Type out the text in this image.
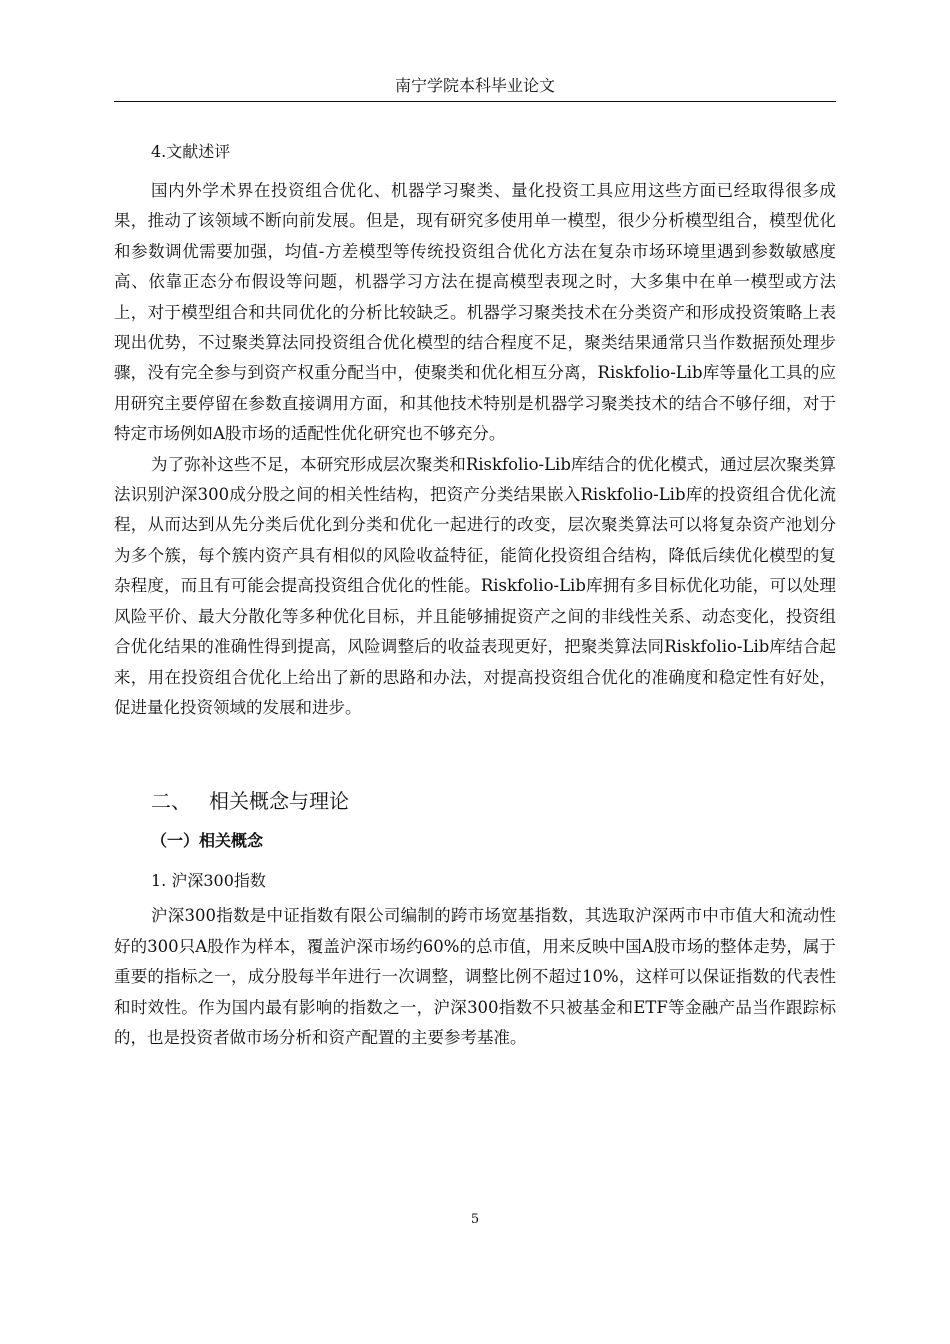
南宁学院本科毕业论文

4.文献述评

国内外学术界在投资组合优化、机器学习聚类、量化投资工具应用这些方面已经取得很多成果，推动了该领域不断向前发展。但是，现有研究多使用单一模型，很少分析模型组合，模型优化和参数调优需要加强，均值-方差模型等传统投资组合优化方法在复杂市场环境里遇到参数敏感度高、依靠正态分布假设等问题，机器学习方法在提高模型表现之时，大多集中在单一模型或方法上，对于模型组合和共同优化的分析比较缺乏。机器学习聚类技术在分类资产和形成投资策略上表现出优势，不过聚类算法同投资组合优化模型的结合程度不足，聚类结果通常只当作数据预处理步骤，没有完全参与到资产权重分配当中，使聚类和优化相互分离，Riskfolio-Lib库等量化工具的应用研究主要停留在参数直接调用方面，和其他技术特别是机器学习聚类技术的结合不够仔细，对于特定市场例如A股市场的适配性优化研究也不够充分。

为了弥补这些不足，本研究形成层次聚类和Riskfolio-Lib库结合的优化模式，通过层次聚类算法识别沪深300成分股之间的相关性结构，把资产分类结果嵌入Riskfolio-Lib库的投资组合优化流程，从而达到从先分类后优化到分类和优化一起进行的改变，层次聚类算法可以将复杂资产池划分为多个簇，每个簇内资产具有相似的风险收益特征，能简化投资组合结构，降低后续优化模型的复杂程度，而且有可能会提高投资组合优化的性能。Riskfolio-Lib库拥有多目标优化功能，可以处理风险平价、最大分散化等多种优化目标，并且能够捕捉资产之间的非线性关系、动态变化，投资组合优化结果的准确性得到提高，风险调整后的收益表现更好，把聚类算法同Riskfolio-Lib库结合起来，用在投资组合优化上给出了新的思路和办法，对提高投资组合优化的准确度和稳定性有好处，促进量化投资领域的发展和进步。

二、 相关概念与理论
（一）相关概念

1. 沪深300指数

沪深300指数是中证指数有限公司编制的跨市场宽基指数，其选取沪深两市中市值大和流动性好的300只A股作为样本，覆盖沪深市场约60%的总市值，用来反映中国A股市场的整体走势，属于重要的指标之一，成分股每半年进行一次调整，调整比例不超过10%，这样可以保证指数的代表性和时效性。作为国内最有影响的指数之一，沪深300指数不只被基金和ETF等金融产品当作跟踪标的，也是投资者做市场分析和资产配置的主要参考基准。

5
